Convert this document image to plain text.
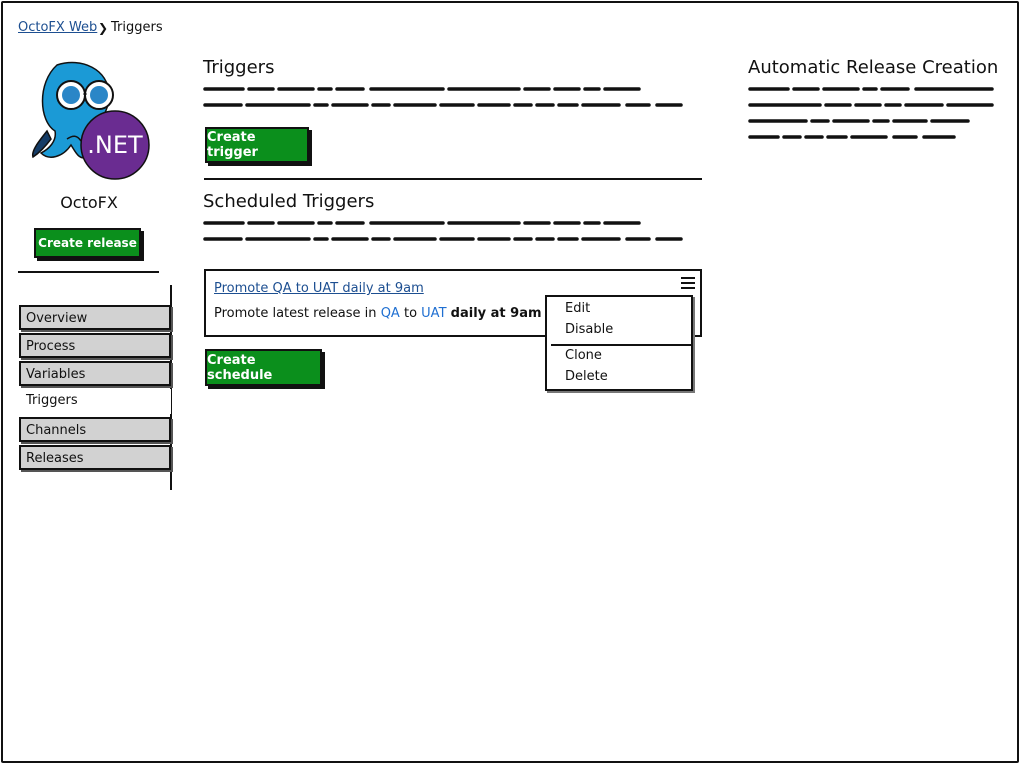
OctoFX Web ❯ Triggers
.NET
OctoFX
Create release
Overview
Process
Variables
Triggers
Channels
Releases
Triggers
Create trigger
Scheduled Triggers
Promote QA to UAT daily at 9am
Promote latest release in QA to UAT daily at 9am
Create schedule
Edit
Disable
Clone
Delete
Automatic Release Creation
